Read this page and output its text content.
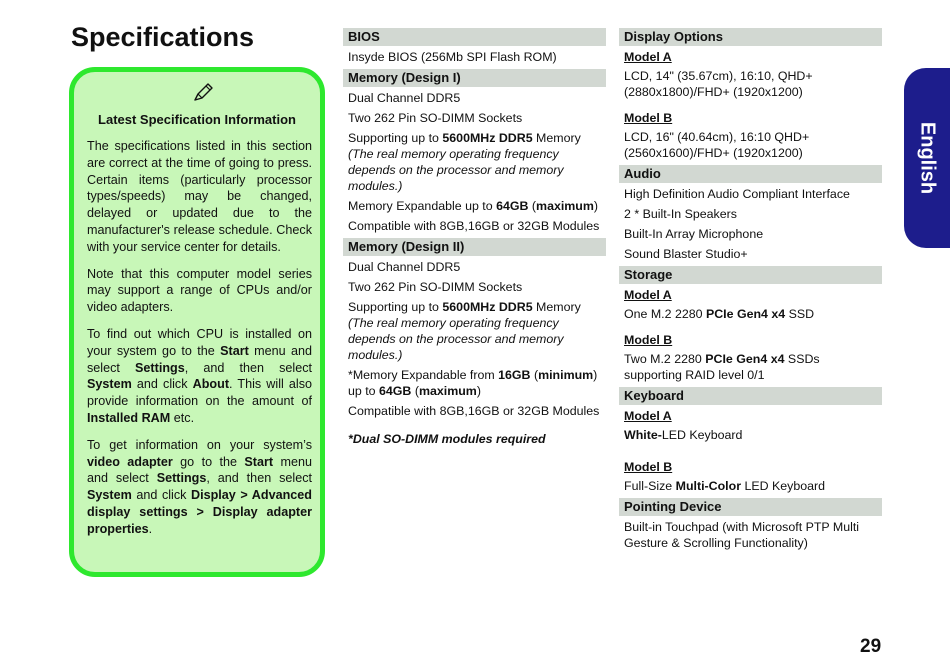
Specifications
Latest Specification Information

The specifications listed in this section are correct at the time of going to press. Certain items (particularly processor types/speeds) may be changed, delayed or updated due to the manufacturer's release schedule. Check with your service center for details.

Note that this computer model series may support a range of CPUs and/or video adapters.

To find out which CPU is installed on your system go to the Start menu and select Settings, and then select System and click About. This will also provide information on the amount of Installed RAM etc.

To get information on your system’s video adapter go to the Start menu and select Settings, and then select System and click Display > Advanced display settings > Display adapter properties.

BIOS
Insyde BIOS (256Mb SPI Flash ROM)
Memory (Design I)
Dual Channel DDR5
Two 262 Pin SO-DIMM Sockets
Supporting up to 5600MHz DDR5 Memory
(The real memory operating frequency depends on the processor and memory modules.)
Memory Expandable up to 64GB (maximum)
Compatible with 8GB,16GB or 32GB Modules
Memory (Design II)
Dual Channel DDR5
Two 262 Pin SO-DIMM Sockets
Supporting up to 5600MHz DDR5 Memory
(The real memory operating frequency depends on the processor and memory modules.)
*Memory Expandable from 16GB (minimum) up to 64GB (maximum)
Compatible with 8GB,16GB or 32GB Modules
*Dual SO-DIMM modules required
Display Options
Model A
LCD, 14" (35.67cm), 16:10, QHD+ (2880x1800)/FHD+ (1920x1200)
Model B
LCD, 16" (40.64cm), 16:10 QHD+ (2560x1600)/FHD+ (1920x1200)
Audio
High Definition Audio Compliant Interface
2 * Built-In Speakers
Built-In Array Microphone
Sound Blaster Studio+
Storage
Model A
One M.2 2280 PCIe Gen4 x4 SSD
Model B
Two M.2 2280 PCIe Gen4 x4 SSDs supporting RAID level 0/1
Keyboard
Model A
White-LED Keyboard
Model B
Full-Size Multi-Color LED Keyboard
Pointing Device
Built-in Touchpad (with Microsoft PTP Multi Gesture & Scrolling Functionality)
English
29
